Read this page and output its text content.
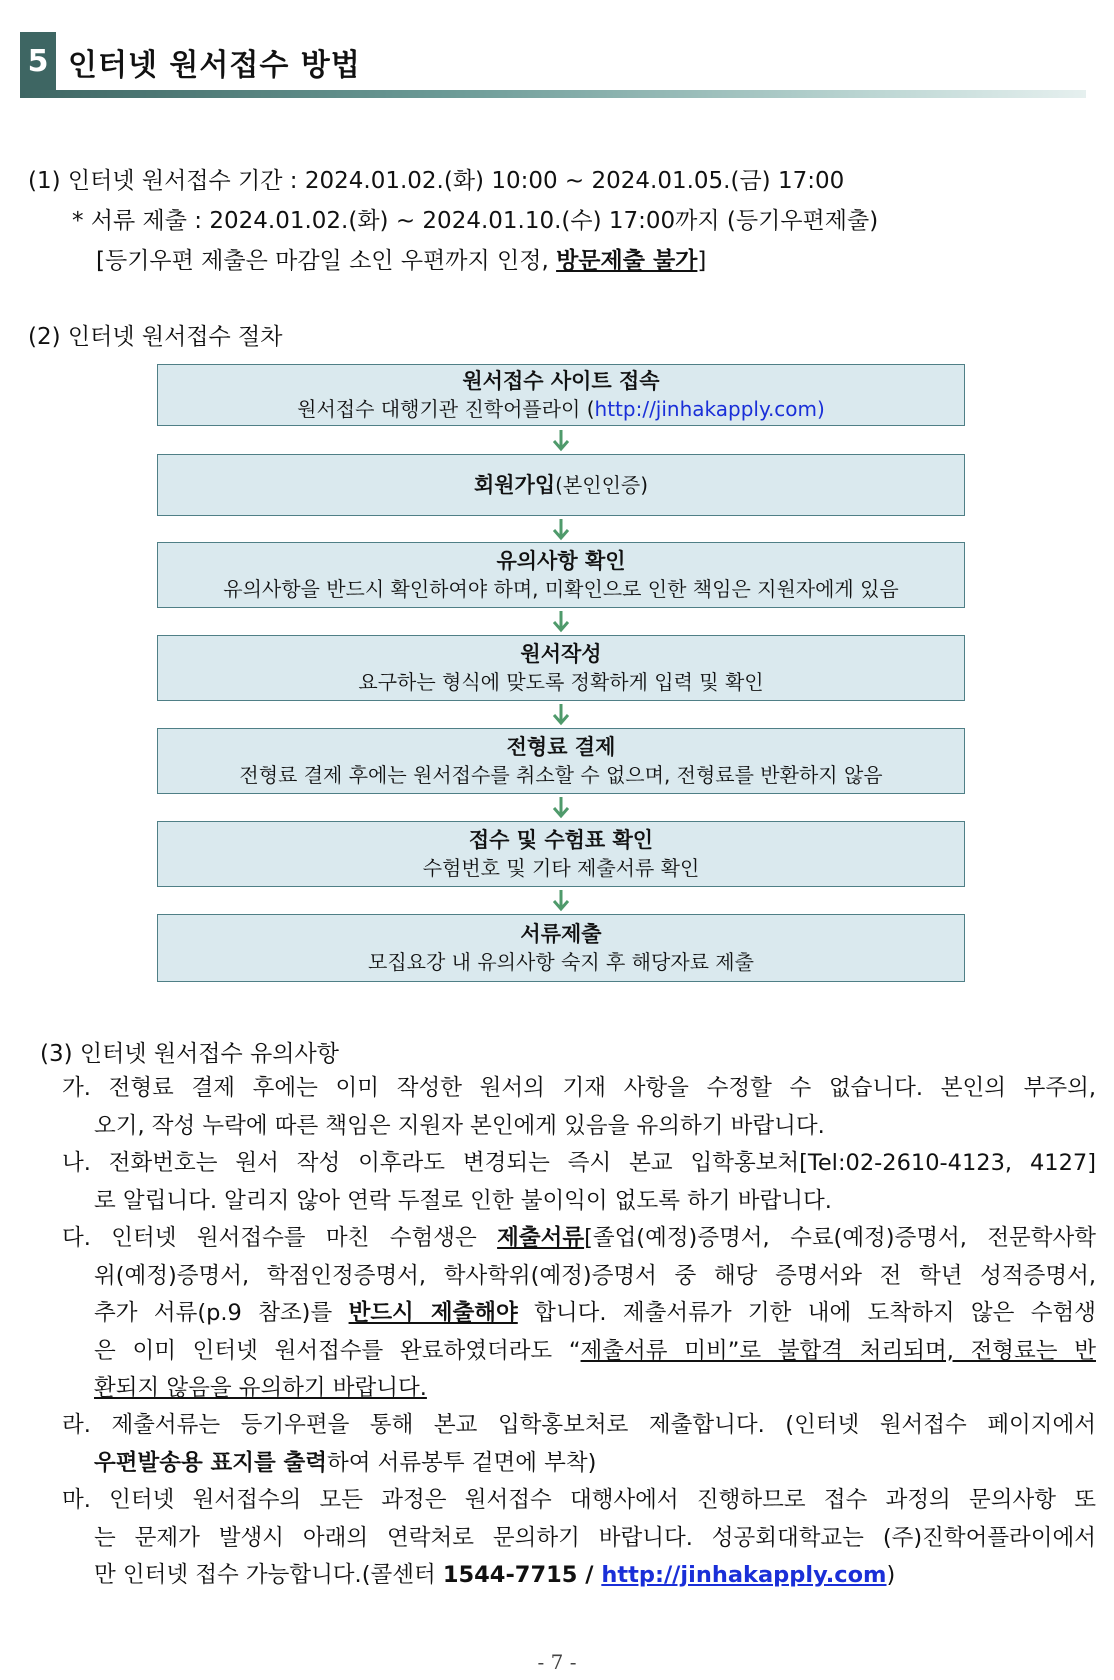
5 인터넷 원서접수 방법
(1) 인터넷 원서접수 기간 : 2024.01.02.(화) 10:00 ~ 2024.01.05.(금) 17:00
* 서류 제출 : 2024.01.02.(화) ~ 2024.01.10.(수) 17:00까지 (등기우편제출)
[등기우편 제출은 마감일 소인 우편까지 인정, 방문제출 불가]
(2) 인터넷 원서접수 절차
원서접수 사이트 접속
원서접수 대행기관 진학어플라이 (http://jinhakapply.com)
회원가입(본인인증)
유의사항 확인
유의사항을 반드시 확인하여야 하며, 미확인으로 인한 책임은 지원자에게 있음
원서작성
요구하는 형식에 맞도록 정확하게 입력 및 확인
전형료 결제
전형료 결제 후에는 원서접수를 취소할 수 없으며, 전형료를 반환하지 않음
접수 및 수험표 확인
수험번호 및 기타 제출서류 확인
서류제출
모집요강 내 유의사항 숙지 후 해당자료 제출
(3) 인터넷 원서접수 유의사항
가. 전형료 결제 후에는 이미 작성한 원서의 기재 사항을 수정할 수 없습니다. 본인의 부주의,
오기, 작성 누락에 따른 책임은 지원자 본인에게 있음을 유의하기 바랍니다.
나. 전화번호는 원서 작성 이후라도 변경되는 즉시 본교 입학홍보처[Tel:02-2610-4123, 4127]
로 알립니다. 알리지 않아 연락 두절로 인한 불이익이 없도록 하기 바랍니다.
다. 인터넷 원서접수를 마친 수험생은 제출서류[졸업(예정)증명서, 수료(예정)증명서, 전문학사학
위(예정)증명서, 학점인정증명서, 학사학위(예정)증명서 중 해당 증명서와 전 학년 성적증명서,
추가 서류(p.9 참조)를 반드시 제출해야 합니다. 제출서류가 기한 내에 도착하지 않은 수험생
은 이미 인터넷 원서접수를 완료하였더라도 “제출서류 미비”로 불합격 처리되며, 전형료는 반
환되지 않음을 유의하기 바랍니다.
라. 제출서류는 등기우편을 통해 본교 입학홍보처로 제출합니다. (인터넷 원서접수 페이지에서
우편발송용 표지를 출력하여 서류봉투 겉면에 부착)
마. 인터넷 원서접수의 모든 과정은 원서접수 대행사에서 진행하므로 접수 과정의 문의사항 또
는 문제가 발생시 아래의 연락처로 문의하기 바랍니다. 성공회대학교는 (주)진학어플라이에서
만 인터넷 접수 가능합니다.(콜센터 1544-7715 / http://jinhakapply.com)
- 7 -
